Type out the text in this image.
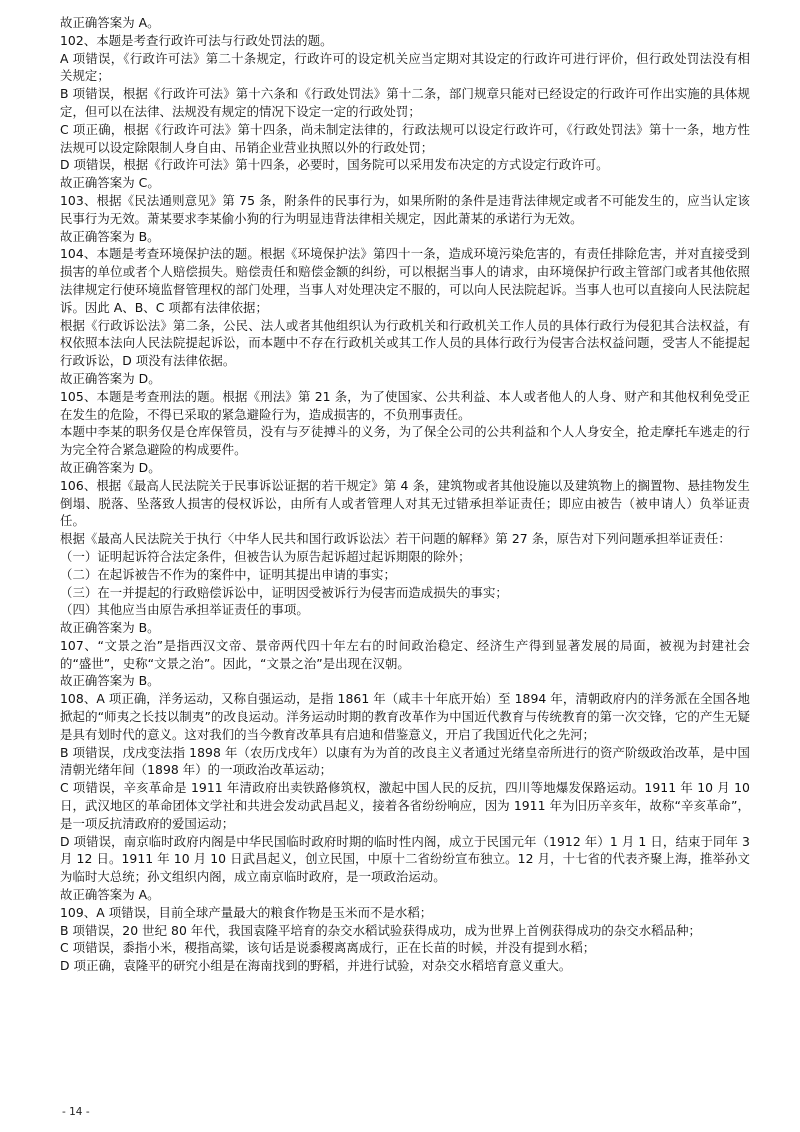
故正确答案为 A。

102、本题是考查行政许可法与行政处罚法的题。

A 项错误，《行政许可法》第二十条规定，行政许可的设定机关应当定期对其设定的行政许可进行评价，但行政处罚法没有相关规定；

B 项错误，根据《行政许可法》第十六条和《行政处罚法》第十二条，部门规章只能对已经设定的行政许可作出实施的具体规定，但可以在法律、法规没有规定的情况下设定一定的行政处罚；

C 项正确，根据《行政许可法》第十四条，尚未制定法律的，行政法规可以设定行政许可，《行政处罚法》第十一条，地方性法规可以设定除限制人身自由、吊销企业营业执照以外的行政处罚；

D 项错误，根据《行政许可法》第十四条，必要时，国务院可以采用发布决定的方式设定行政许可。

故正确答案为 C。

103、根据《民法通则意见》第 75 条，附条件的民事行为，如果所附的条件是违背法律规定或者不可能发生的，应当认定该民事行为无效。萧某要求李某偷小狗的行为明显违背法律相关规定，因此萧某的承诺行为无效。

故正确答案为 B。

104、本题是考查环境保护法的题。根据《环境保护法》第四十一条，造成环境污染危害的，有责任排除危害，并对直接受到损害的单位或者个人赔偿损失。赔偿责任和赔偿金额的纠纷，可以根据当事人的请求，由环境保护行政主管部门或者其他依照法律规定行使环境监督管理权的部门处理，当事人对处理决定不服的，可以向人民法院起诉。当事人也可以直接向人民法院起诉。因此 A、B、C 项都有法律依据；

根据《行政诉讼法》第二条，公民、法人或者其他组织认为行政机关和行政机关工作人员的具体行政行为侵犯其合法权益，有权依照本法向人民法院提起诉讼，而本题中不存在行政机关或其工作人员的具体行政行为侵害合法权益问题，受害人不能提起行政诉讼，D 项没有法律依据。

故正确答案为 D。

105、本题是考查刑法的题。根据《刑法》第 21 条，为了使国家、公共利益、本人或者他人的人身、财产和其他权利免受正在发生的危险，不得已采取的紧急避险行为，造成损害的，不负刑事责任。

本题中李某的职务仅是仓库保管员，没有与歹徒搏斗的义务，为了保全公司的公共利益和个人人身安全，抢走摩托车逃走的行为完全符合紧急避险的构成要件。

故正确答案为 D。

106、根据《最高人民法院关于民事诉讼证据的若干规定》第 4 条，建筑物或者其他设施以及建筑物上的搁置物、悬挂物发生倒塌、脱落、坠落致人损害的侵权诉讼，由所有人或者管理人对其无过错承担举证责任；即应由被告（被申请人）负举证责任。

根据《最高人民法院关于执行〈中华人民共和国行政诉讼法〉若干问题的解释》第 27 条，原告对下列问题承担举证责任：

（一）证明起诉符合法定条件，但被告认为原告起诉超过起诉期限的除外；

（二）在起诉被告不作为的案件中，证明其提出申请的事实；

（三）在一并提起的行政赔偿诉讼中，证明因受被诉行为侵害而造成损失的事实；

（四）其他应当由原告承担举证责任的事项。

故正确答案为 B。

107、“文景之治”是指西汉文帝、景帝两代四十年左右的时间政治稳定、经济生产得到显著发展的局面，被视为封建社会的“盛世”，史称“文景之治”。因此，“文景之治”是出现在汉朝。

故正确答案为 B。

108、A 项正确，洋务运动，又称自强运动，是指 1861 年（咸丰十年底开始）至 1894 年，清朝政府内的洋务派在全国各地掀起的“师夷之长技以制夷”的改良运动。洋务运动时期的教育改革作为中国近代教育与传统教育的第一次交锋，它的产生无疑是具有划时代的意义。这对我们的当今教育改革具有启迪和借鉴意义，开启了我国近代化之先河；

B 项错误，戊戌变法指 1898 年（农历戊戌年）以康有为为首的改良主义者通过光绪皇帝所进行的资产阶级政治改革，是中国清朝光绪年间（1898 年）的一项政治改革运动；

C 项错误，辛亥革命是 1911 年清政府出卖铁路修筑权，激起中国人民的反抗，四川等地爆发保路运动。1911 年 10 月 10 日，武汉地区的革命团体文学社和共进会发动武昌起义，接着各省纷纷响应，因为 1911 年为旧历辛亥年，故称“辛亥革命”，是一项反抗清政府的爱国运动；

D 项错误，南京临时政府内阁是中华民国临时政府时期的临时性内阁，成立于民国元年（1912 年）1 月 1 日，结束于同年 3 月 12 日。1911 年 10 月 10 日武昌起义，创立民国，中原十二省纷纷宣布独立。12 月，十七省的代表齐聚上海，推举孙文为临时大总统；孙文组织内阁，成立南京临时政府，是一项政治运动。

故正确答案为 A。

109、A 项错误，目前全球产量最大的粮食作物是玉米而不是水稻；

B 项错误，20 世纪 80 年代，我国袁隆平培育的杂交水稻试验获得成功，成为世界上首例获得成功的杂交水稻品种；

C 项错误，黍指小米，稷指高粱，该句话是说黍稷离离成行，正在长苗的时候，并没有提到水稻；

D 项正确，袁隆平的研究小组是在海南找到的野稻，并进行试验，对杂交水稻培育意义重大。

- 14 -
